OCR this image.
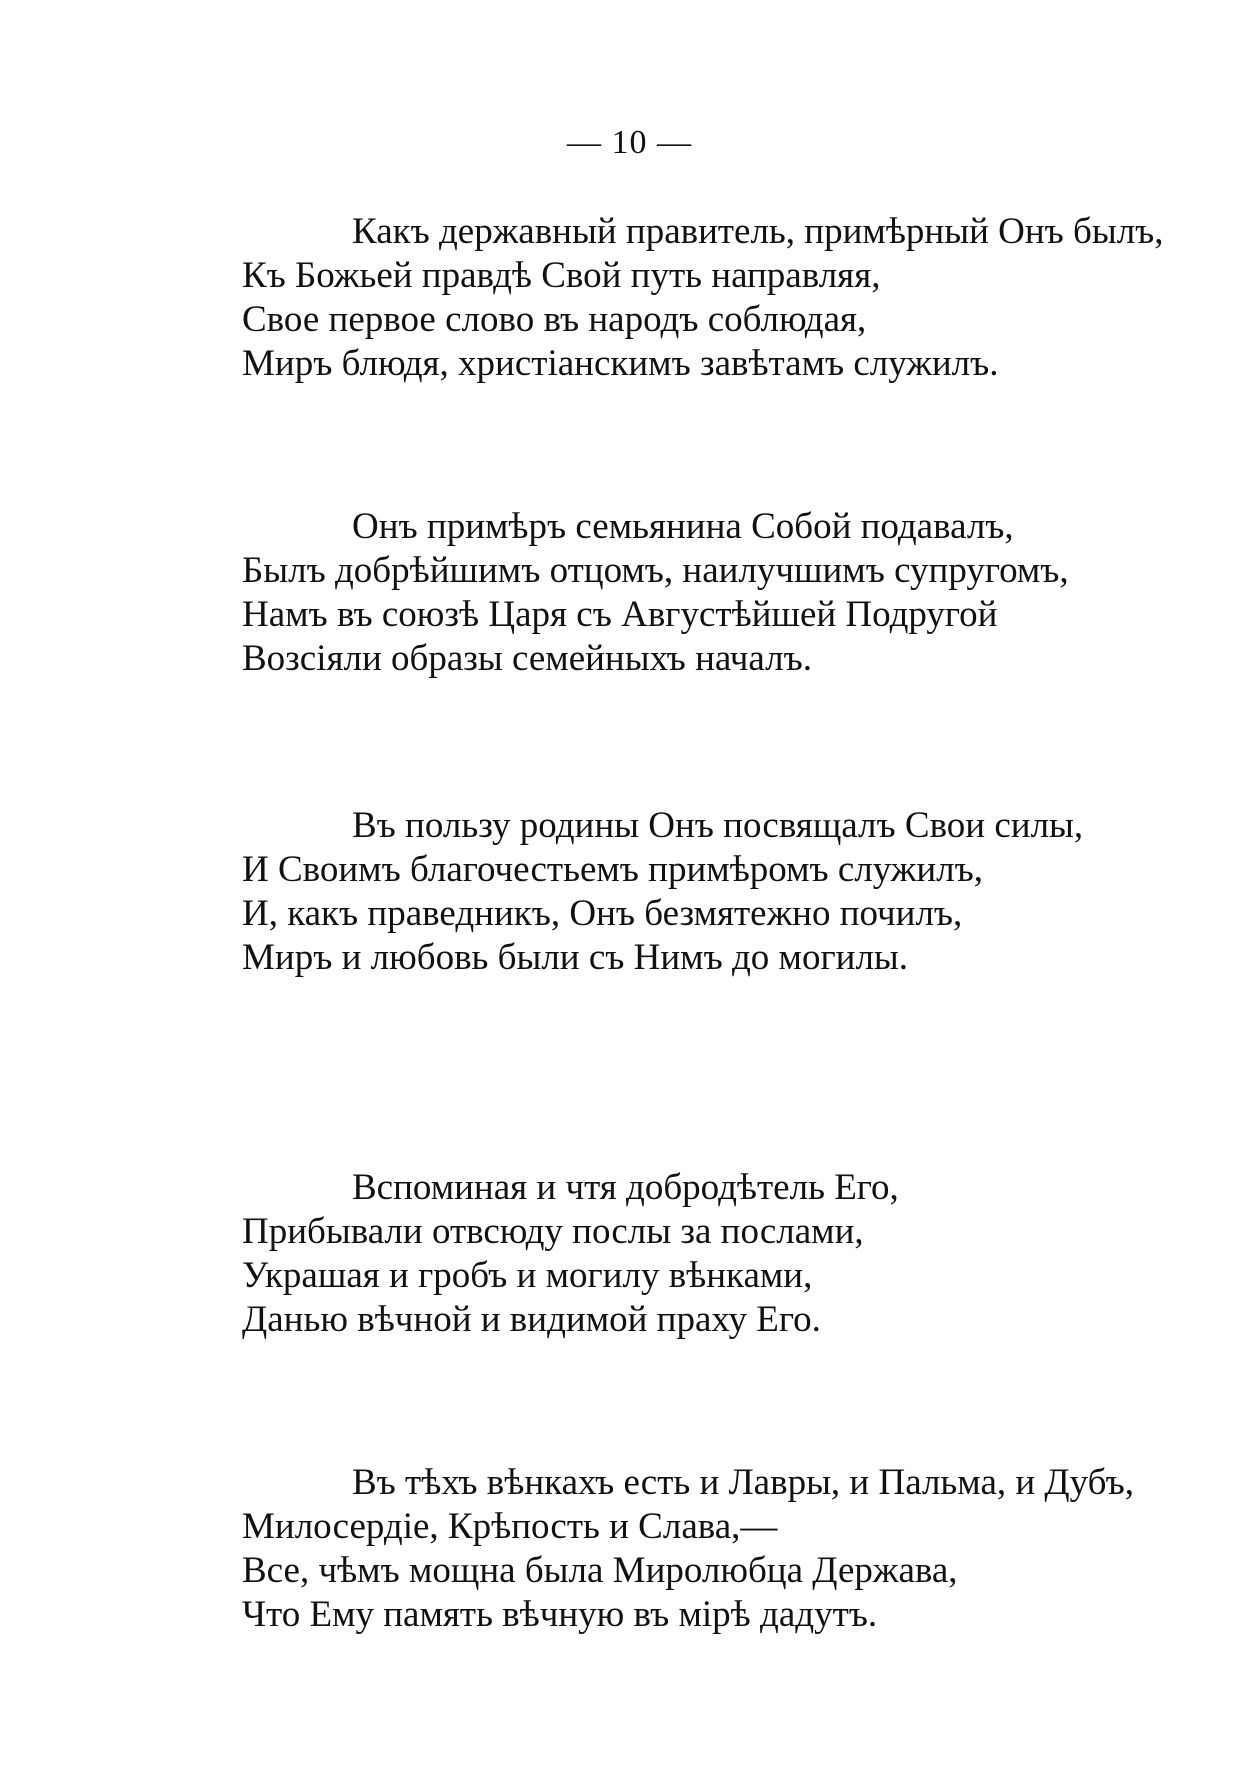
— 10 —
Какъ державный правитель, примѣрный Онъ былъ,
Къ Божьей правдѣ Свой путь направляя,
Свое первое слово въ народъ соблюдая,
Миръ блюдя, христiанскимъ завѣтамъ служилъ.
Онъ примѣръ семьянина Собой подавалъ,
Былъ добрѣйшимъ отцомъ, наилучшимъ супругомъ,
Намъ въ союзѣ Царя съ Августѣйшей Подругой
Возсiяли образы семейныхъ началъ.
Въ пользу родины Онъ посвящалъ Свои силы,
И Своимъ благочестьемъ примѣромъ служилъ,
И, какъ праведникъ, Онъ безмятежно почилъ,
Миръ и любовь были съ Нимъ до могилы.
Вспоминая и чтя добродѣтель Его,
Прибывали отвсюду послы за послами,
Украшая и гробъ и могилу вѣнками,
Данью вѣчной и видимой праху Его.
Въ тѣхъ вѣнкахъ есть и Лавры, и Пальма, и Дубъ,
Милосердiе, Крѣпость и Слава,—
Все, чѣмъ мощна была Миролюбца Держава,
Что Ему память вѣчную въ мiрѣ дадутъ.
